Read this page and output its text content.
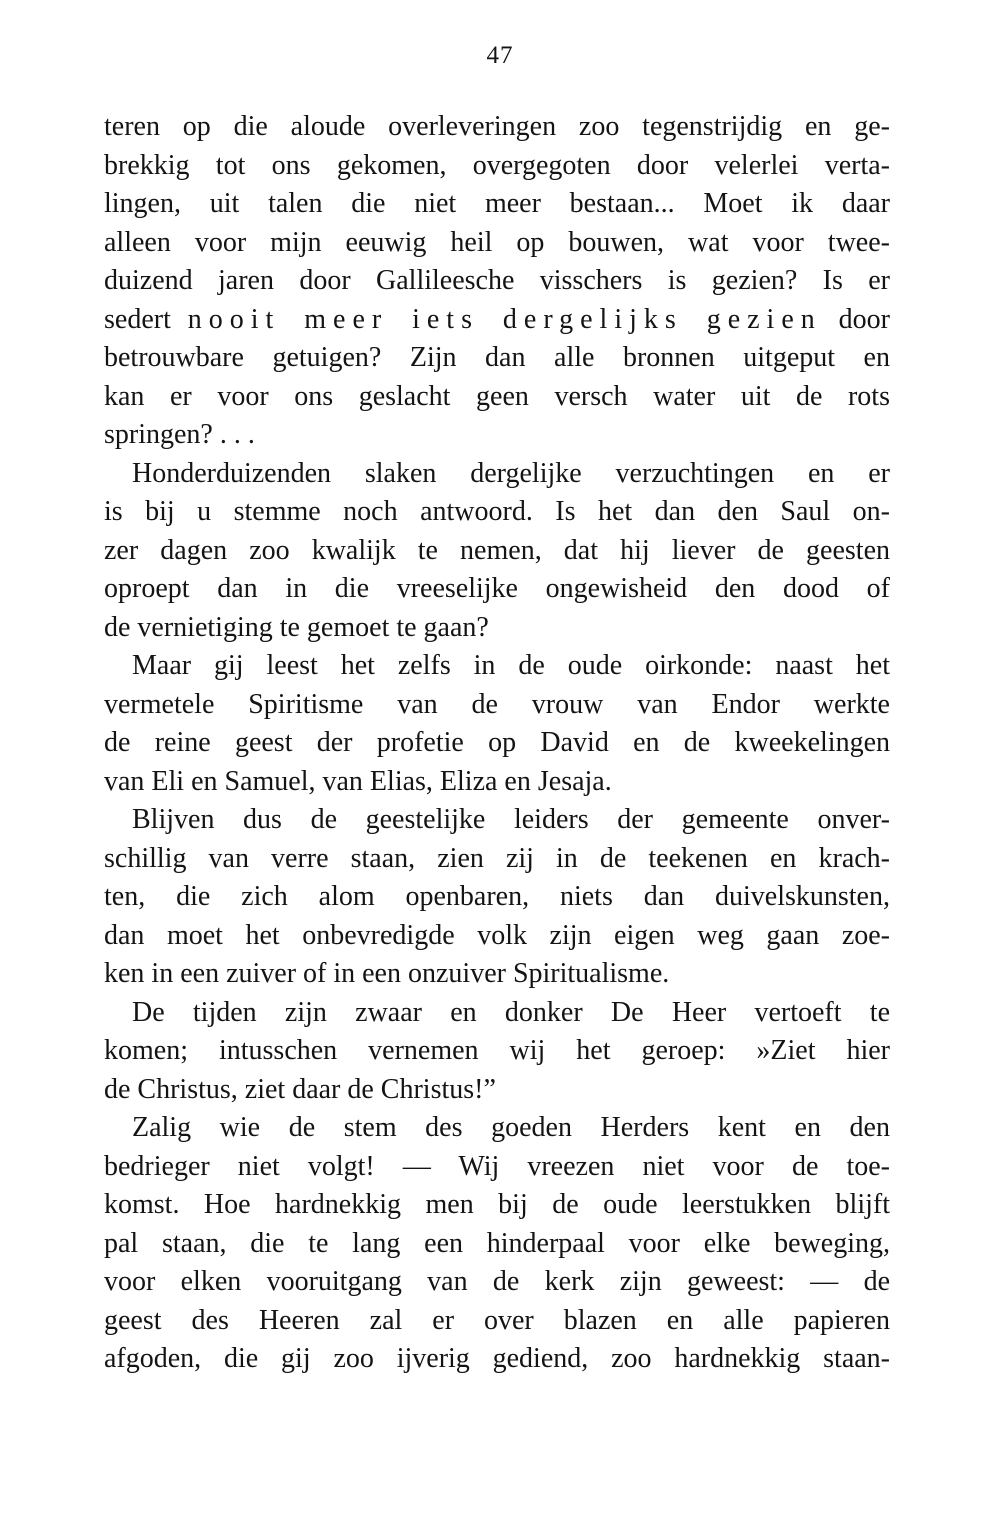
47
teren op die aloude overleveringen zoo tegenstrijdig en ge-
brekkig tot ons gekomen, overgegoten door velerlei verta-
lingen, uit talen die niet meer bestaan... Moet ik daar
alleen voor mijn eeuwig heil op bouwen, wat voor twee-
duizend jaren door Gallileesche visschers is gezien? Is er
sedert nooit meer iets dergelijks gezien door
betrouwbare getuigen? Zijn dan alle bronnen uitgeput en
kan er voor ons geslacht geen versch water uit de rots
springen? . . .
Honderduizenden slaken dergelijke verzuchtingen en er
is bij u stemme noch antwoord. Is het dan den Saul on-
zer dagen zoo kwalijk te nemen, dat hij liever de geesten
oproept dan in die vreeselijke ongewisheid den dood of
de vernietiging te gemoet te gaan?
Maar gij leest het zelfs in de oude oirkonde: naast het
vermetele Spiritisme van de vrouw van Endor werkte
de reine geest der profetie op David en de kweekelingen
van Eli en Samuel, van Elias, Eliza en Jesaja.
Blijven dus de geestelijke leiders der gemeente onver-
schillig van verre staan, zien zij in de teekenen en krach-
ten, die zich alom openbaren, niets dan duivelskunsten,
dan moet het onbevredigde volk zijn eigen weg gaan zoe-
ken in een zuiver of in een onzuiver Spiritualisme.
De tijden zijn zwaar en donker De Heer vertoeft te
komen; intusschen vernemen wij het geroep: »Ziet hier
de Christus, ziet daar de Christus!”
Zalig wie de stem des goeden Herders kent en den
bedrieger niet volgt! — Wij vreezen niet voor de toe-
komst. Hoe hardnekkig men bij de oude leerstukken blijft
pal staan, die te lang een hinderpaal voor elke beweging,
voor elken vooruitgang van de kerk zijn geweest: — de
geest des Heeren zal er over blazen en alle papieren
afgoden, die gij zoo ijverig gediend, zoo hardnekkig staan-
